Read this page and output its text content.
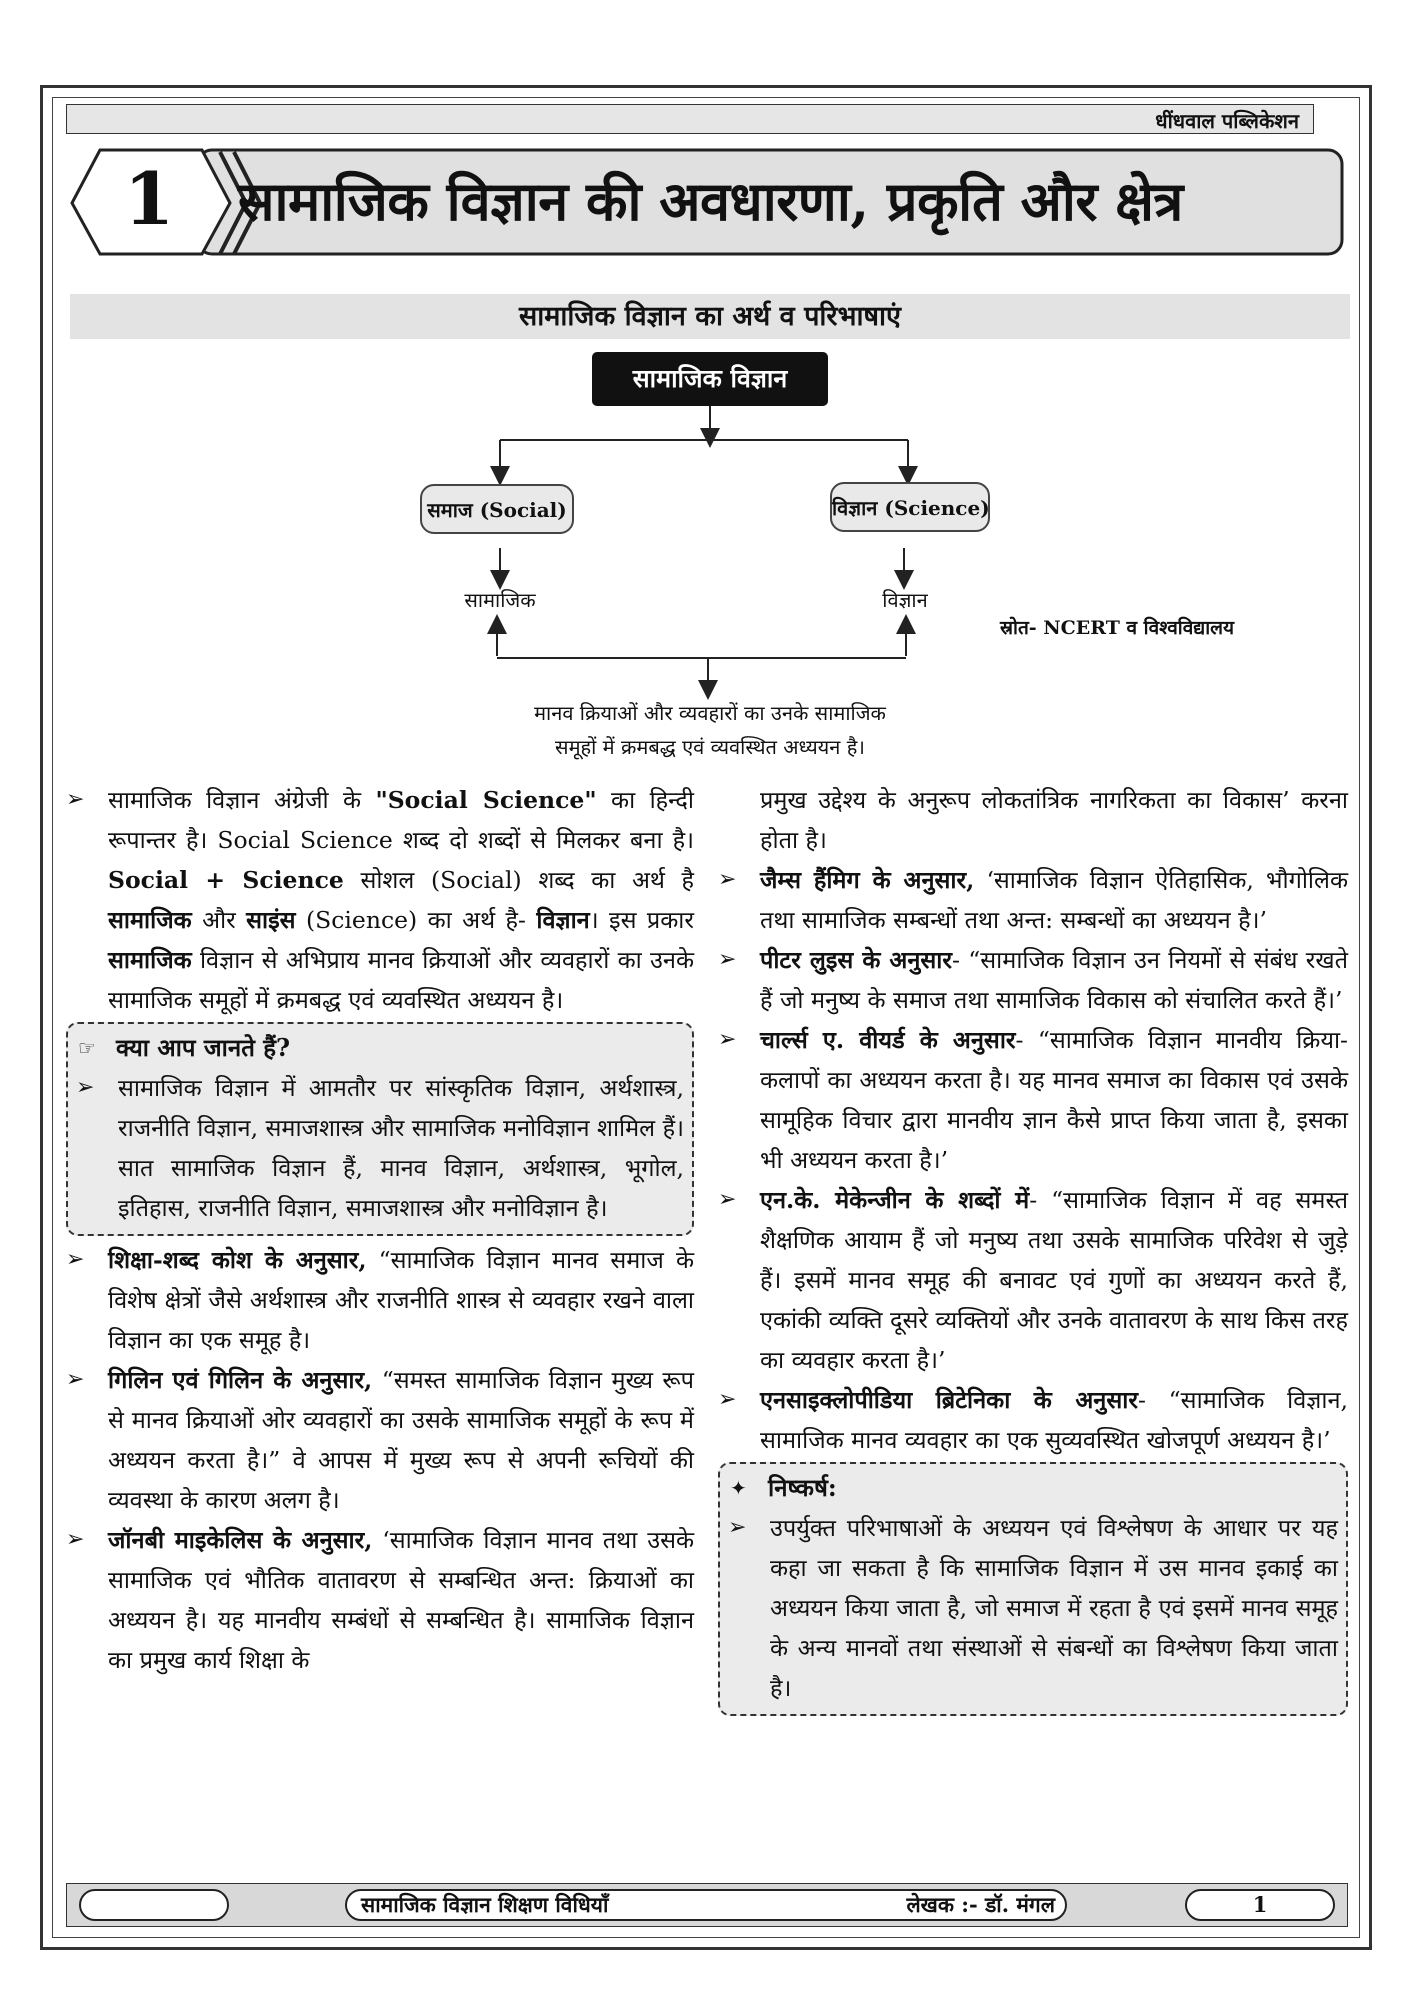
धींधवाल पब्लिकेशन
1	सामाजिक विज्ञान की अवधारणा, प्रकृति और क्षेत्र
सामाजिक विज्ञान का अर्थ व परिभाषाएं
सामाजिक विज्ञान
समाज (Social)	विज्ञान (Science)
सामाजिक	विज्ञान
स्रोत- NCERT व विश्वविद्यालय
मानव क्रियाओं और व्यवहारों का उनके सामाजिक
समूहों में क्रमबद्ध एवं व्यवस्थित अध्ययन है।

➢ सामाजिक विज्ञान अंग्रेजी के "Social Science" का हिन्दी रूपान्तर है। Social Science शब्द दो शब्दों से मिलकर बना है। Social + Science सोशल (Social) शब्द का अर्थ है सामाजिक और साइंस (Science) का अर्थ है- विज्ञान। इस प्रकार सामाजिक विज्ञान से अभिप्राय मानव क्रियाओं और व्यवहारों का उनके सामाजिक समूहों में क्रमबद्ध एवं व्यवस्थित अध्ययन है।

☞ क्या आप जानते हैं?

➢ सामाजिक विज्ञान में आमतौर पर सांस्कृतिक विज्ञान, अर्थशास्त्र, राजनीति विज्ञान, समाजशास्त्र और सामाजिक मनोविज्ञान शामिल हैं। सात सामाजिक विज्ञान हैं, मानव विज्ञान, अर्थशास्त्र, भूगोल, इतिहास, राजनीति विज्ञान, समाजशास्त्र और मनोविज्ञान है।

➢ शिक्षा-शब्द कोश के अनुसार, “सामाजिक विज्ञान मानव समाज के विशेष क्षेत्रों जैसे अर्थशास्त्र और राजनीति शास्त्र से व्यवहार रखने वाला विज्ञान का एक समूह है।

➢ गिलिन एवं गिलिन के अनुसार, “समस्त सामाजिक विज्ञान मुख्य रूप से मानव क्रियाओं ओर व्यवहारों का उसके सामाजिक समूहों के रूप में अध्ययन करता है।” वे आपस में मुख्य रूप से अपनी रूचियों की व्यवस्था के कारण अलग है।

➢ जॉनबी माइकेलिस के अनुसार, ‘सामाजिक विज्ञान मानव तथा उसके सामाजिक एवं भौतिक वातावरण से सम्बन्धित अन्त: क्रियाओं का अध्ययन है। यह मानवीय सम्बंधों से सम्बन्धित है। सामाजिक विज्ञान का प्रमुख कार्य शिक्षा के

प्रमुख उद्देश्य के अनुरूप लोकतांत्रिक नागरिकता का विकास’ करना होता है।

➢ जैम्स हैंमिग के अनुसार, ‘सामाजिक विज्ञान ऐतिहासिक, भौगोलिक तथा सामाजिक सम्बन्धों तथा अन्त: सम्बन्धों का अध्ययन है।’

➢ पीटर लुइस के अनुसार- “सामाजिक विज्ञान उन नियमों से संबंध रखते हैं जो मनुष्य के समाज तथा सामाजिक विकास को संचालित करते हैं।’

➢ चार्ल्स ए. वीयर्ड के अनुसार- “सामाजिक विज्ञान मानवीय क्रिया-कलापों का अध्ययन करता है। यह मानव समाज का विकास एवं उसके सामूहिक विचार द्वारा मानवीय ज्ञान कैसे प्राप्त किया जाता है, इसका भी अध्ययन करता है।’

➢ एन.के. मेकेन्जीन के शब्दों में- “सामाजिक विज्ञान में वह समस्त शैक्षणिक आयाम हैं जो मनुष्य तथा उसके सामाजिक परिवेश से जुड़े हैं। इसमें मानव समूह की बनावट एवं गुणों का अध्ययन करते हैं, एकांकी व्यक्ति दूसरे व्यक्तियों और उनके वातावरण के साथ किस तरह का व्यवहार करता है।’

➢ एनसाइक्लोपीडिया ब्रिटेनिका के अनुसार- “सामाजिक विज्ञान, सामाजिक मानव व्यवहार का एक सुव्यवस्थित खोजपूर्ण अध्ययन है।’

✦ निष्कर्ष:

➢ उपर्युक्त परिभाषाओं के अध्ययन एवं विश्लेषण के आधार पर यह कहा जा सकता है कि सामाजिक विज्ञान में उस मानव इकाई का अध्ययन किया जाता है, जो समाज में रहता है एवं इसमें मानव समूह के अन्य मानवों तथा संस्थाओं से संबन्धों का विश्लेषण किया जाता है।

सामाजिक विज्ञान शिक्षण विधियाँ	लेखक :- डॉ. मंगल	1
